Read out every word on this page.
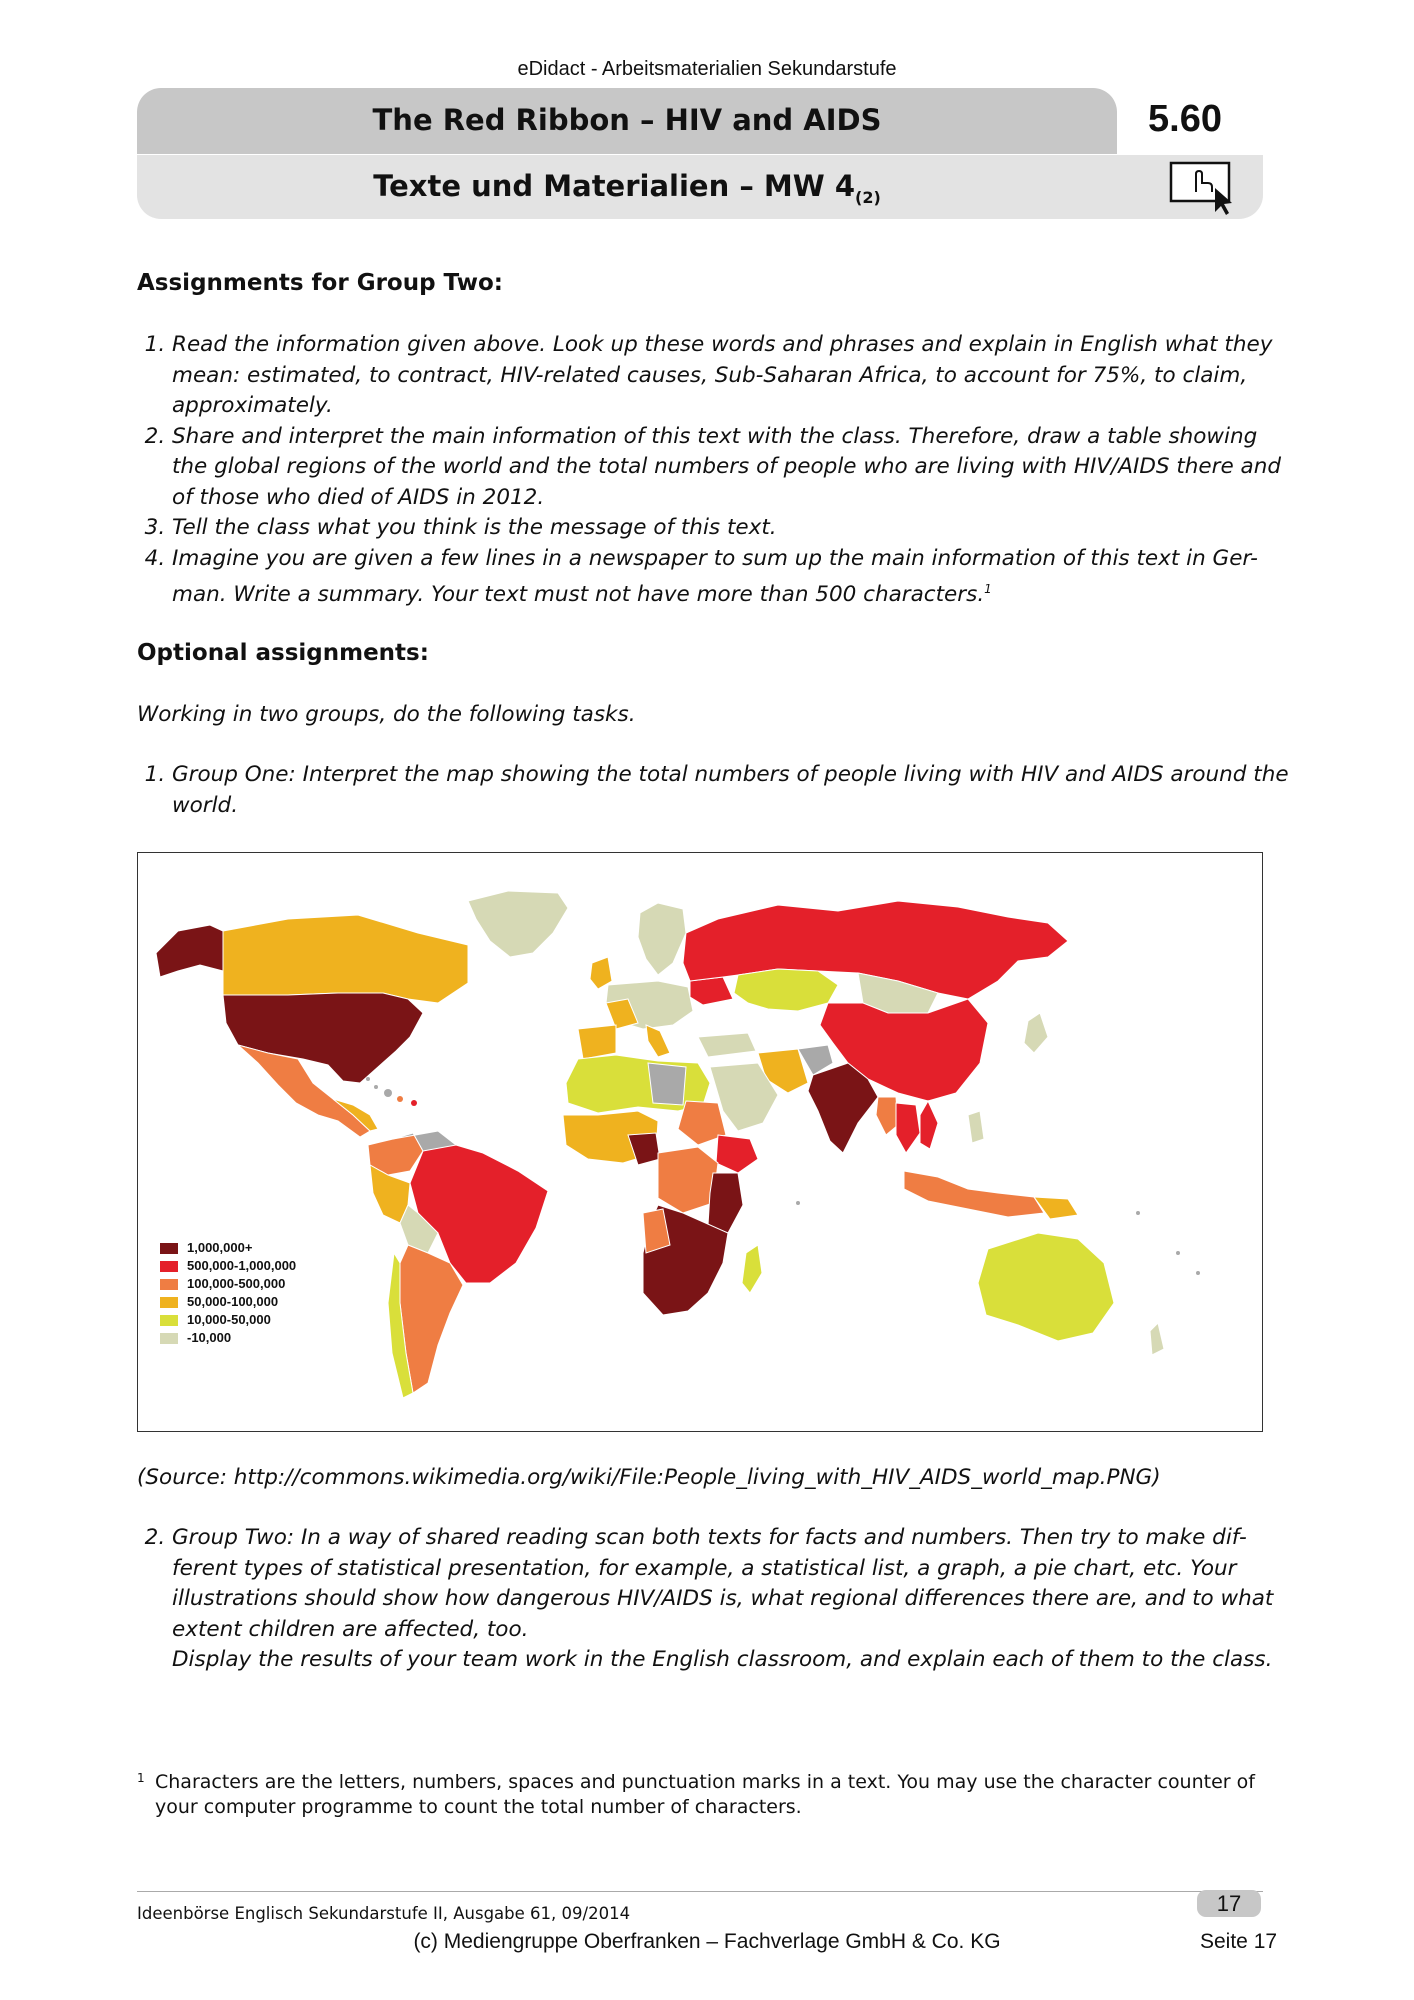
eDidact - Arbeitsmaterialien Sekundarstufe
The Red Ribbon – HIV and AIDS	5.60
Texte und Materialien – MW $4_{(2)}$
Assignments for Group Two:
1. Read the information given above. Look up these words and phrases and explain in English what they mean: estimated, to contract, HIV-related causes, Sub-Saharan Africa, to account for 75%, to claim, approximately.
2. Share and interpret the main information of this text with the class. Therefore, draw a table showing the global regions of the world and the total numbers of people who are living with HIV/AIDS there and of those who died of AIDS in 2012.
3. Tell the class what you think is the message of this text.
4. Imagine you are given a few lines in a newspaper to sum up the main information of this text in Ger-man. Write a summary. Your text must not have more than 500 characters.$^1$
Optional assignments:
Working in two groups, do the following tasks.
1. Group One: Interpret the map showing the total numbers of people living with HIV and AIDS around the world.
1,000,000+
500,000-1,000,000
100,000-500,000
50,000-100,000
10,000-50,000
-10,000
(Source: http://commons.wikimedia.org/wiki/File:People_living_with_HIV_AIDS_world_map.PNG)
2. Group Two: In a way of shared reading scan both texts for facts and numbers. Then try to make dif-ferent types of statistical presentation, for example, a statistical list, a graph, a pie chart, etc. Your illustrations should show how dangerous HIV/AIDS is, what regional differences there are, and to what extent children are affected, too.
Display the results of your team work in the English classroom, and explain each of them to the class.
1 Characters are the letters, numbers, spaces and punctuation marks in a text. You may use the character counter of your computer programme to count the total number of characters.
Ideenbörse Englisch Sekundarstufe II, Ausgabe 61, 09/2014	17
(c) Mediengruppe Oberfranken – Fachverlage GmbH & Co. KG	Seite 17
